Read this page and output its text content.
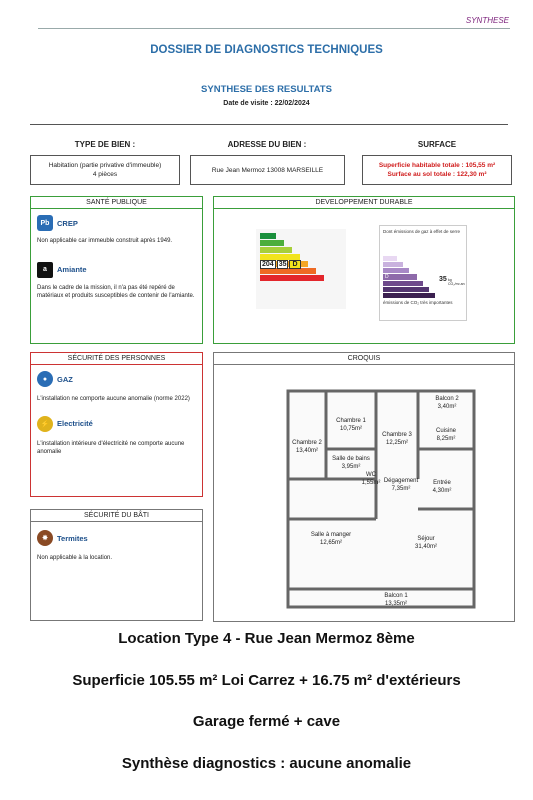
SYNTHESE
DOSSIER DE DIAGNOSTICS TECHNIQUES
SYNTHESE DES RESULTATS
Date de visite : 22/02/2024
TYPE DE BIEN :	ADRESSE DU BIEN :	SURFACE
Habitation (partie privative d'immeuble)
4 pièces
Rue Jean Mermoz 13008 MARSEILLE
Superficie habitable totale : 105,55 m²
Surface au sol totale : 122,30 m²
SANTÉ PUBLIQUE
Pb	CREP
Non applicable car immeuble construit après 1949.
a	Amiante
Dans le cadre de la mission, il n'a pas été repéré de matériaux et produits susceptibles de contenir de l'amiante.
DEVELOPPEMENT DURABLE
204 35 D
Dont émissions de gaz à effet de serre
D
émissions de CO₂ très importantes
35 kg CO₂/m².an
SÉCURITÉ DES PERSONNES
●	GAZ
L'installation ne comporte aucune anomalie (norme 2022)
⚡	Electricité
L'installation intérieure d'électricité ne comporte aucune anomalie
SÉCURITÉ DU BÂTI
✸	Termites
Non applicable à la location.
CROQUIS
Chambre 2
13,40m²
Chambre 1
10,75m²
Chambre 3
12,25m²
Cuisine
8,25m²
Balcon 2
3,40m²
Salle de bains
3,95m²
WC
1,55m² Dégagement
7,35m²
Entrée
4,30m²
Salle à manger
12,65m²
Séjour
31,40m²
Balcon 1
13,35m²
Location Type 4 - Rue Jean Mermoz 8ème
Superficie 105.55 m² Loi Carrez + 16.75 m² d'extérieurs
Garage fermé + cave
Synthèse diagnostics : aucune anomalie
